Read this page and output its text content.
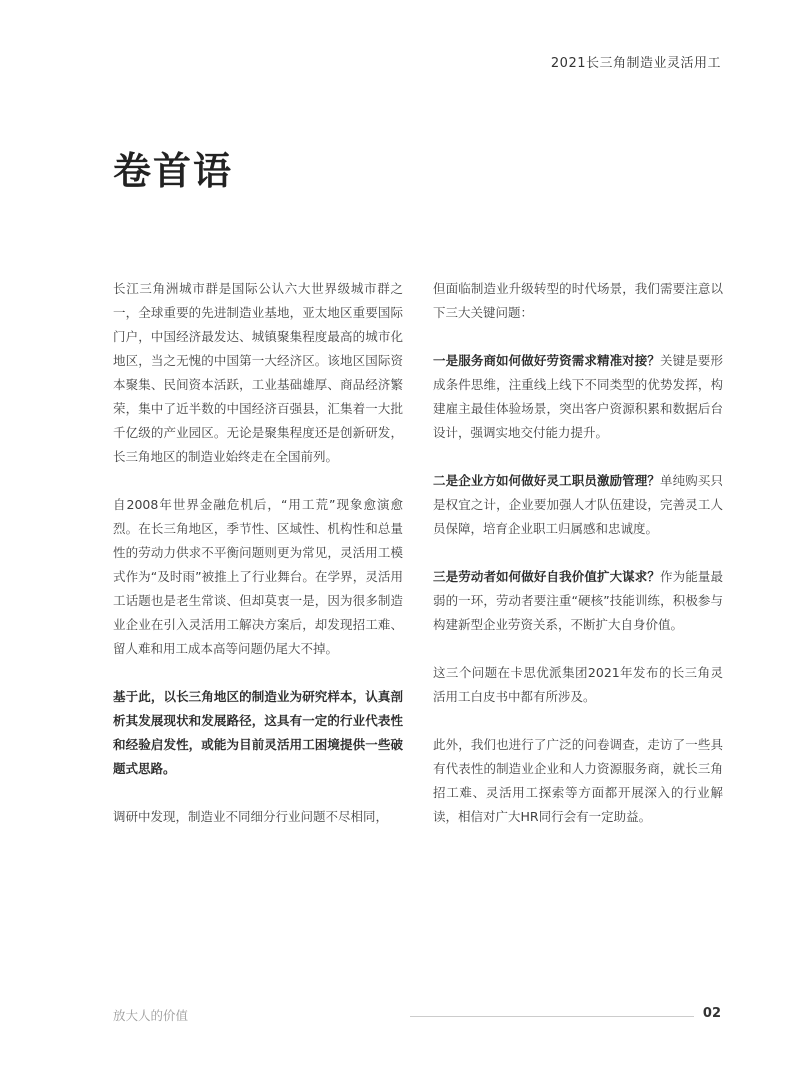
2021长三角制造业灵活用工
卷首语

长江三角洲城市群是国际公认六大世界级城市群之一，全球重要的先进制造业基地，亚太地区重要国际门户，中国经济最发达、城镇聚集程度最高的城市化地区，当之无愧的中国第一大经济区。该地区国际资本聚集、民间资本活跃，工业基础雄厚、商品经济繁荣，集中了近半数的中国经济百强县，汇集着一大批千亿级的产业园区。无论是聚集程度还是创新研发，长三角地区的制造业始终走在全国前列。

自2008年世界金融危机后，“用工荒”现象愈演愈烈。在长三角地区，季节性、区域性、机构性和总量性的劳动力供求不平衡问题则更为常见，灵活用工模式作为“及时雨”被推上了行业舞台。在学界，灵活用工话题也是老生常谈、但却莫衷一是，因为很多制造业企业在引入灵活用工解决方案后，却发现招工难、留人难和用工成本高等问题仍尾大不掉。

基于此，以长三角地区的制造业为研究样本，认真剖析其发展现状和发展路径，这具有一定的行业代表性和经验启发性，或能为目前灵活用工困境提供一些破题式思路。

调研中发现，制造业不同细分行业问题不尽相同，

但面临制造业升级转型的时代场景，我们需要注意以下三大关键问题：

一是服务商如何做好劳资需求精准对接？关键是要形成条件思维，注重线上线下不同类型的优势发挥，构建雇主最佳体验场景，突出客户资源积累和数据后台设计，强调实地交付能力提升。

二是企业方如何做好灵工职员激励管理？单纯购买只是权宜之计，企业要加强人才队伍建设，完善灵工人员保障，培育企业职工归属感和忠诚度。

三是劳动者如何做好自我价值扩大谋求？作为能量最弱的一环，劳动者要注重“硬核”技能训练，积极参与构建新型企业劳资关系，不断扩大自身价值。

这三个问题在卡思优派集团2021年发布的长三角灵活用工白皮书中都有所涉及。

此外，我们也进行了广泛的问卷调查，走访了一些具有代表性的制造业企业和人力资源服务商，就长三角招工难、灵活用工探索等方面都开展深入的行业解读，相信对广大HR同行会有一定助益。

放大人的价值	02
